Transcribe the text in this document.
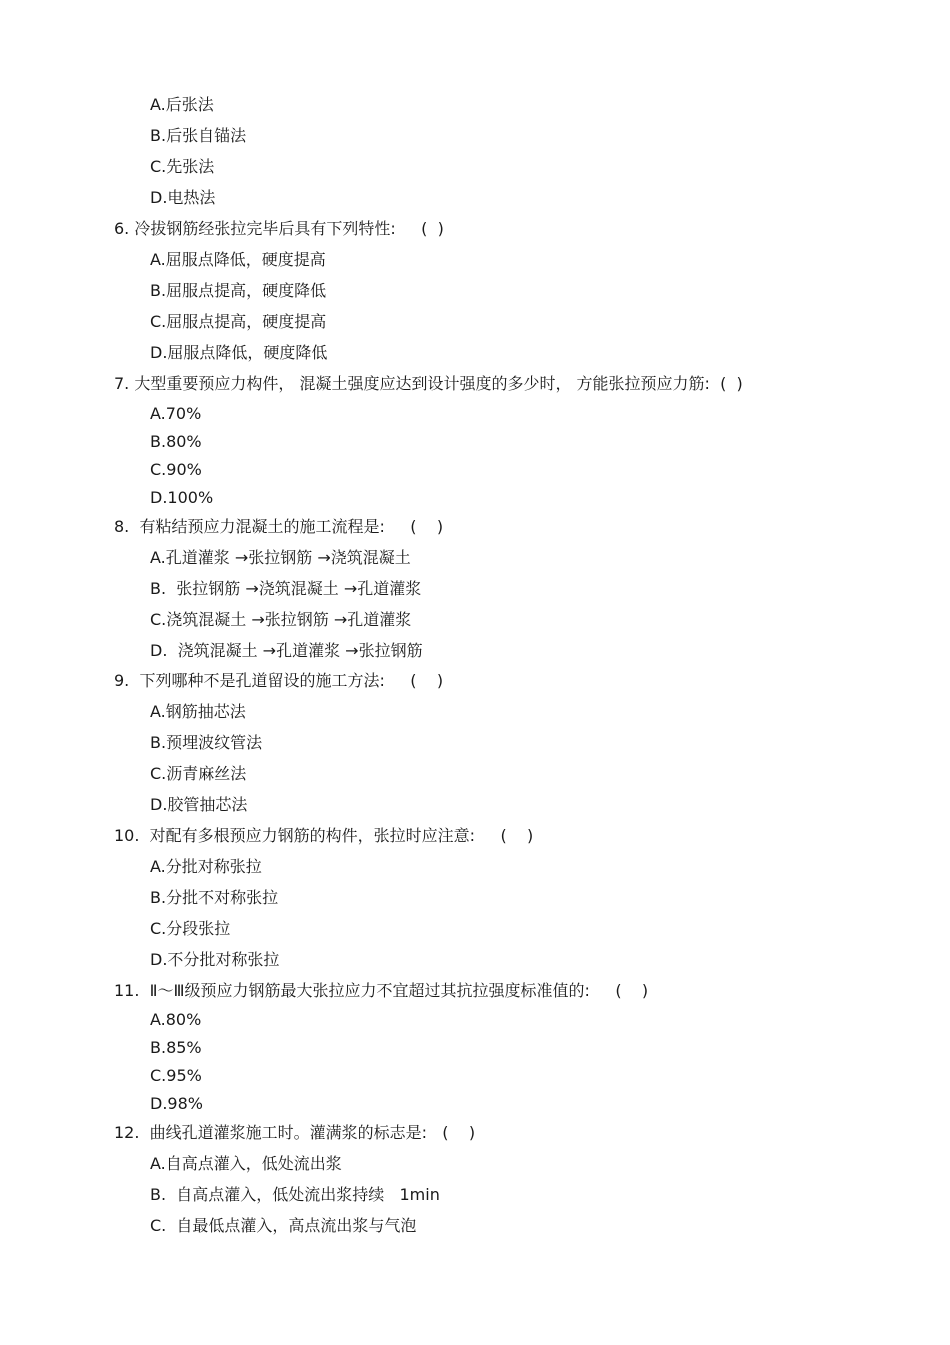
A.后张法
B.后张自锚法
C.先张法
D.电热法
6. 冷拔钢筋经张拉完毕后具有下列特性:     (  )
A.屈服点降低，硬度提高
B.屈服点提高，硬度降低
C.屈服点提高，硬度提高
D.屈服点降低，硬度降低
7. 大型重要预应力构件， 混凝土强度应达到设计强度的多少时， 方能张拉预应力筋:  (  )
A.70%
B.80%
C.90%
D.100%
8.  有粘结预应力混凝土的施工流程是:     (    )
A.孔道灌浆 →张拉钢筋 →浇筑混凝土
B.  张拉钢筋 →浇筑混凝土 →孔道灌浆
C.浇筑混凝土 →张拉钢筋 →孔道灌浆
D.  浇筑混凝土 →孔道灌浆 →张拉钢筋
9.  下列哪种不是孔道留设的施工方法:     (    )
A.钢筋抽芯法
B.预埋波纹管法
C.沥青麻丝法
D.胶管抽芯法
10.  对配有多根预应力钢筋的构件，张拉时应注意:     (    )
A.分批对称张拉
B.分批不对称张拉
C.分段张拉
D.不分批对称张拉
11.  Ⅱ～Ⅲ级预应力钢筋最大张拉应力不宜超过其抗拉强度标准值的:     (    )
A.80%
B.85%
C.95%
D.98%
12.  曲线孔道灌浆施工时。灌满浆的标志是:   (    )
A.自高点灌入，低处流出浆
B.  自高点灌入，低处流出浆持续   1min
C.  自最低点灌入，高点流出浆与气泡
